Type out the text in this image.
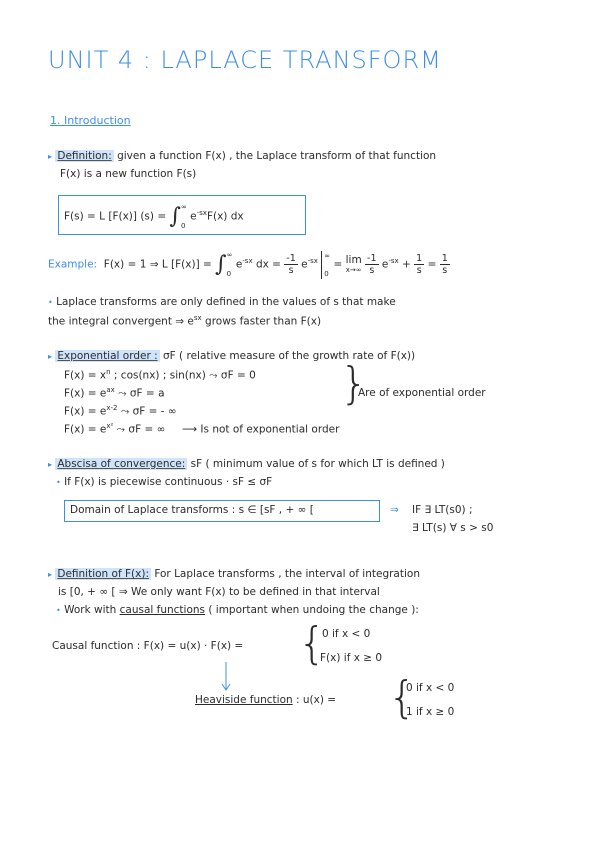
UNIT 4 : LAPLACE TRANSFORM
1. Introduction
▸ Definition: given a function F(x) , the Laplace transform of that function
F(x) is a new function F(s)
F(s) = L [F(x)] (s) = ∫ ∞
0
$e^{-sx}F(x)$ dx
Example: F(x) = 1 ⇒ L [F(x)] = ∫ ∞
0
$e^{-sx}$ dx = $\frac{-1}{s} e^{-sx}$
∞
0
= lim
x→∞
$\frac{-1}{s} e^{-sx} + \frac{1}{s} = \frac{1}{s}$
• Laplace transforms are only defined in the values of s that make
the integral convergent ⇒ $e^{sx}$ grows faster than F(x)
▸ Exponential order : σF ( relative measure of the growth rate of F(x))
$F(x) = x^n$ ; cos(nx) ; sin(nx) ⤳ σF = 0
$F(x) = e^{ax}$ ⤳ σF = a
$F(x) = e^{x-2}$ ⤳ σF = - ∞
$F(x) = e^{x^2}$ ⤳ σF = ∞ ⟶ Is not of exponential order
}
Are of exponential order
▸ Abscisa of convergence: sF ( minimum value of s for which LT is defined )
• If F(x) is piecewise continuous · sF ≤ σF
Domain of Laplace transforms : s ∈ [sF , + ∞ [	⇒ IF ∃ LT(s0) ;
∃ LT(s) ∀ s > s0
▸ Definition of F(x): For Laplace transforms , the interval of integration
is [0, + ∞ [ ⇒ We only want F(x) to be defined in that interval
• Work with causal functions ( important when undoing the change ):
Causal function : F(x) = u(x) · F(x) = {
0 if x < 0
F(x) if x ≥ 0
Heaviside function : u(x) = {
0 if x < 0
1 if x ≥ 0
